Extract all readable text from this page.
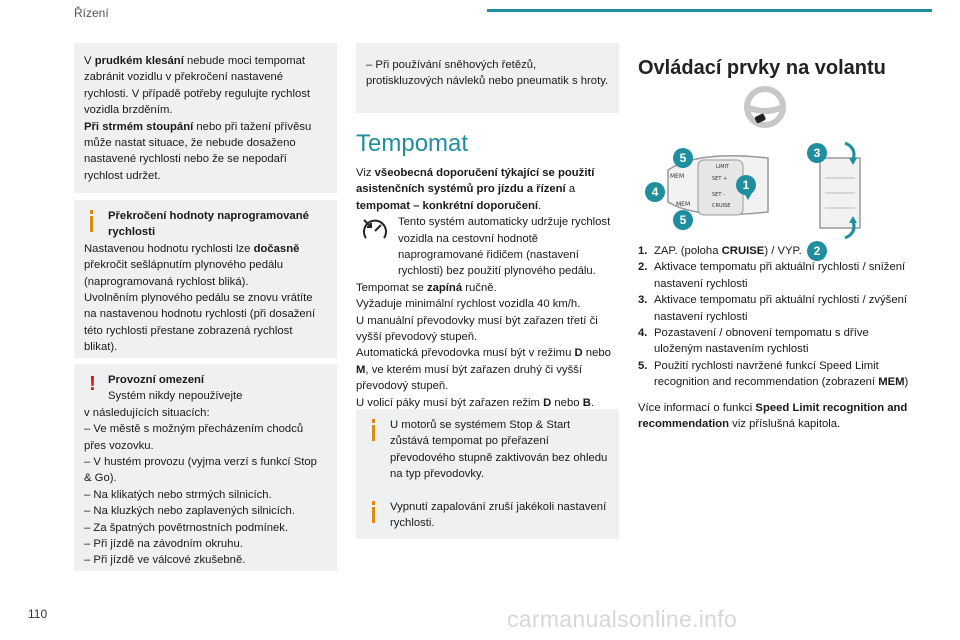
Řízení

V prudkém klesání nebude moci tempomat zabránit vozidlu v překročení nastavené rychlosti. V případě potřeby regulujte rychlost vozidla brzděním.

Při strmém stoupání nebo při tažení přívěsu může nastat situace, že nebude dosaženo nastavené rychlosti nebo že se nepodaří rychlost udržet.

Překročení hodnoty naprogramované rychlosti

Nastavenou hodnotu rychlosti lze dočasně překročit sešlápnutím plynového pedálu (naprogramovaná rychlost bliká).

Uvolněním plynového pedálu se znovu vrátíte na nastavenou hodnotu rychlosti (při dosažení této rychlosti přestane zobrazená rychlost blikat).

!	Provozní omezení
Systém nikdy nepoužívejte

v následujících situacích:

– Ve městě s možným přecházením chodců přes vozovku.

– V hustém provozu (vyjma verzí s funkcí Stop & Go).

– Na klikatých nebo strmých silnicích.

– Na kluzkých nebo zaplavených silnicích.

– Za špatných povětrnostních podmínek.

– Při jízdě na závodním okruhu.

– Při jízdě ve válcové zkušebně.

– Při používání sněhových řetězů, protiskluzových návleků nebo pneumatik s hroty.

Tempomat

Viz všeobecná doporučení týkající se použití asistenčních systémů pro jízdu a řízení a tempomat – konkrétní doporučení.

Tento systém automaticky udržuje rychlost vozidla na cestovní hodnotě naprogramované řidičem (nastavení rychlosti) bez použití plynového pedálu.

Tempomat se zapíná ručně.

Vyžaduje minimální rychlost vozidla 40 km/h.

U manuální převodovky musí být zařazen třetí či vyšší převodový stupeň.

Automatická převodovka musí být v režimu D nebo M, ve kterém musí být zařazen druhý či vyšší převodový stupeň.

U volicí páky musí být zařazen režim D nebo B.

U motorů se systémem Stop & Start zůstává tempomat po přeřazení převodového stupně zaktivován bez ohledu na typ převodovky.
Vypnutí zapalování zruší jakékoli nastavení rychlosti.
Ovládací prvky na volantu
MEM	SET +
SET -
LIMIT
CRUISE
MEM
1
4
5
5
3
2
1. ZAP. (poloha CRUISE) / VYP.
2. Aktivace tempomatu při aktuální rychlosti / snížení nastavení rychlosti
3. Aktivace tempomatu při aktuální rychlosti / zvýšení nastavení rychlosti
4. Pozastavení / obnovení tempomatu s dříve uloženým nastavením rychlosti
5. Použití rychlosti navržené funkcí Speed Limit recognition and recommendation (zobrazení MEM)

Více informací o funkci Speed Limit recognition and recommendation viz příslušná kapitola.

110	carmanualsonline.info
